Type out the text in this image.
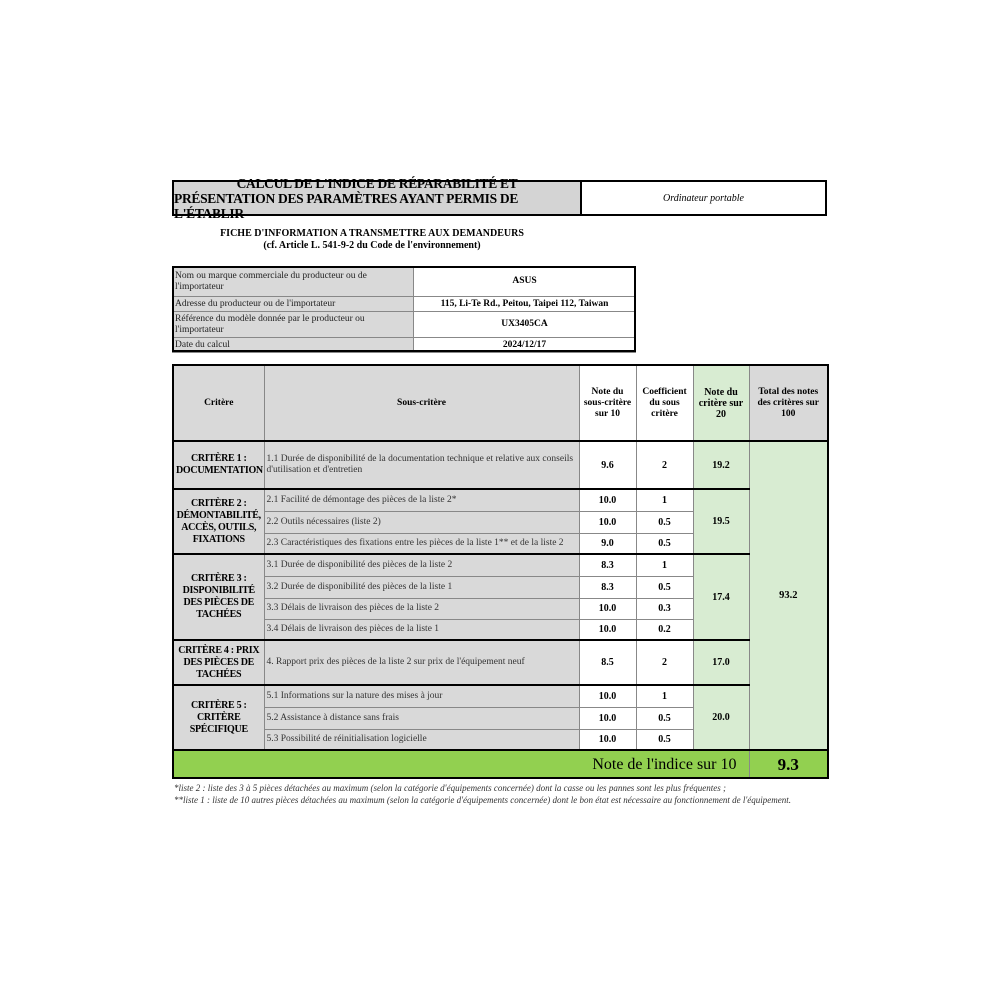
CALCUL DE L'INDICE DE RÉPARABILITÉ ET
PRÉSENTATION DES PARAMÈTRES AYANT PERMIS DE L'ÉTABLIR
Ordinateur portable
FICHE D'INFORMATION A TRANSMETTRE AUX DEMANDEURS
(cf. Article L. 541-9-2 du Code de l'environnement)
Nom ou marque commerciale du producteur ou de l'importateur	ASUS
Adresse du producteur ou de l'importateur	115, Li-Te Rd., Peitou, Taipei 112, Taiwan
Référence du modèle donnée par le producteur ou l'importateur	UX3405CA
Date du calcul	2024/12/17
Critère	Sous-critère	Note du sous-critère sur 10	Coefficient du sous critère	Note du critère sur 20	Total des notes des critères sur 100
CRITÈRE 1 : DOCUMENTATION	1.1 Durée de disponibilité de la documentation technique et relative aux conseils d'utilisation et d'entretien	9.6	2	19.2	93.2
CRITÈRE 2 : DÉMONTABILITÉ, ACCÈS, OUTILS, FIXATIONS	2.1 Facilité de démontage des pièces de la liste 2*	10.0	1	19.5	
	2.2 Outils nécessaires (liste 2)	10.0	0.5		
	2.3 Caractéristiques des fixations entre les pièces de la liste 1** et de la liste 2	9.0	0.5		
CRITÈRE 3 : DISPONIBILITÉ DES PIÈCES DE TACHÉES	3.1 Durée de disponibilité des pièces de la liste 2	8.3	1	17.4	
	3.2 Durée de disponibilité des pièces de la liste 1	8.3	0.5		
	3.3 Délais de livraison des pièces de la liste 2	10.0	0.3		
	3.4 Délais de livraison des pièces de la liste 1	10.0	0.2		
CRITÈRE 4 : PRIX DES PIÈCES DE TACHÉES	4. Rapport prix des pièces de la liste 2 sur prix de l'équipement neuf	8.5	2	17.0	
CRITÈRE 5 : CRITÈRE SPÉCIFIQUE	5.1 Informations sur la nature des mises à jour	10.0	1	20.0	
	5.2 Assistance à distance sans frais	10.0	0.5		
	5.3 Possibilité de réinitialisation logicielle	10.0	0.5		
Note de l'indice sur 10					9.3
*liste 2 : liste des 3 à 5 pièces détachées au maximum (selon la catégorie d'équipements concernée) dont la casse ou les pannes sont les plus fréquentes ;
**liste 1 : liste de 10 autres pièces détachées au maximum (selon la catégorie d'équipements concernée) dont le bon état est nécessaire au fonctionnement de l'équipement.
